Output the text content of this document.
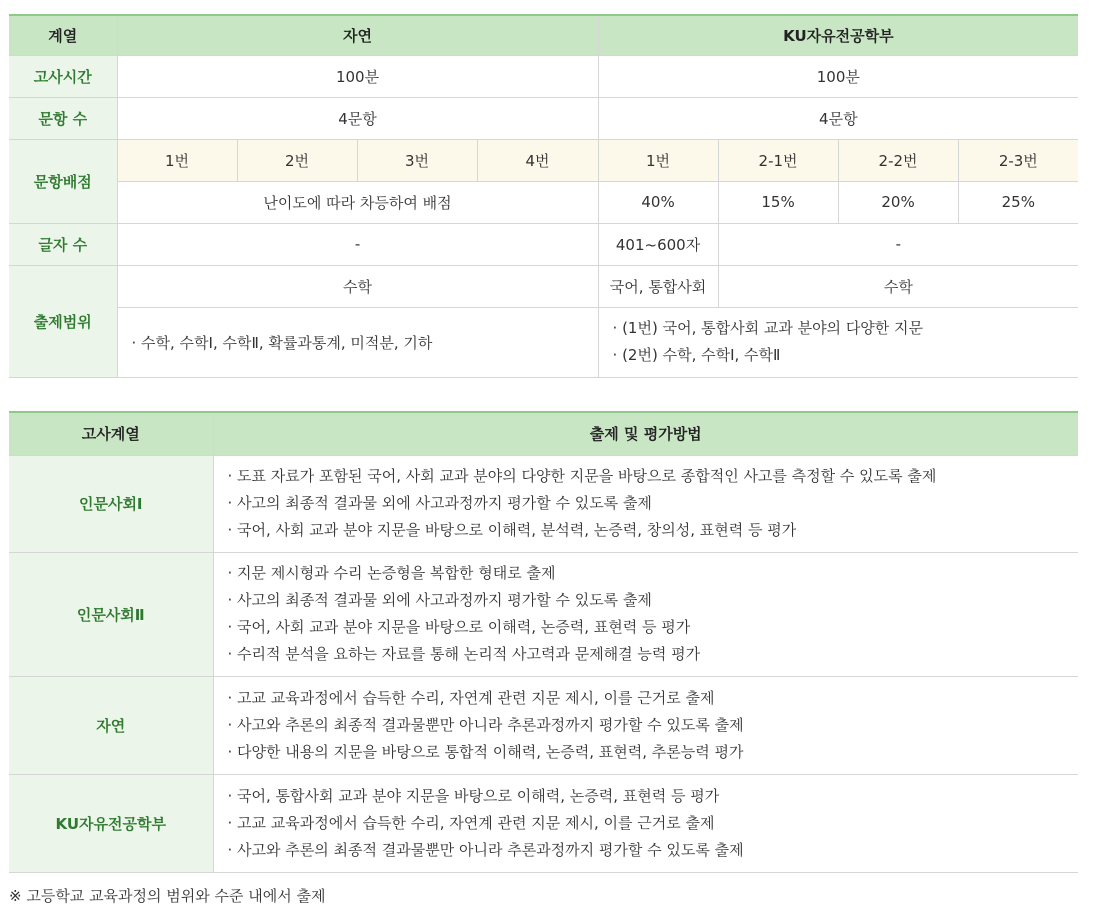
계열	자연				KU자유전공학부			
고사시간	100분				100분			
문항 수	4문항				4문항			
문항배점	1번	2번	3번	4번	1번	2-1번	2-2번	2-3번
	난이도에 따라 차등하여 배점				40%	15%	20%	25%
글자 수	-				401~600자	-		
출제범위	수학				국어, 통합사회	수학		
	· 수학, 수학Ⅰ, 수학Ⅱ, 확률과통계, 미적분, 기하				· (1번) 국어, 통합사회 교과 분야의 다양한 지문
· (2번) 수학, 수학Ⅰ, 수학Ⅱ			
고사계열	출제 및 평가방법
인문사회Ⅰ	· 도표 자료가 포함된 국어, 사회 교과 분야의 다양한 지문을 바탕으로 종합적인 사고를 측정할 수 있도록 출제
· 사고의 최종적 결과물 외에 사고과정까지 평가할 수 있도록 출제
· 국어, 사회 교과 분야 지문을 바탕으로 이해력, 분석력, 논증력, 창의성, 표현력 등 평가

인문사회Ⅱ	· 지문 제시형과 수리 논증형을 복합한 형태로 출제
· 사고의 최종적 결과물 외에 사고과정까지 평가할 수 있도록 출제
· 국어, 사회 교과 분야 지문을 바탕으로 이해력, 논증력, 표현력 등 평가
· 수리적 분석을 요하는 자료를 통해 논리적 사고력과 문제해결 능력 평가

자연	· 고교 교육과정에서 습득한 수리, 자연계 관련 지문 제시, 이를 근거로 출제
· 사고와 추론의 최종적 결과물뿐만 아니라 추론과정까지 평가할 수 있도록 출제
· 다양한 내용의 지문을 바탕으로 통합적 이해력, 논증력, 표현력, 추론능력 평가

KU자유전공학부	· 국어, 통합사회 교과 분야 지문을 바탕으로 이해력, 논증력, 표현력 등 평가
· 고교 교육과정에서 습득한 수리, 자연계 관련 지문 제시, 이를 근거로 출제
· 사고와 추론의 최종적 결과물뿐만 아니라 추론과정까지 평가할 수 있도록 출제
※ 고등학교 교육과정의 범위와 수준 내에서 출제
